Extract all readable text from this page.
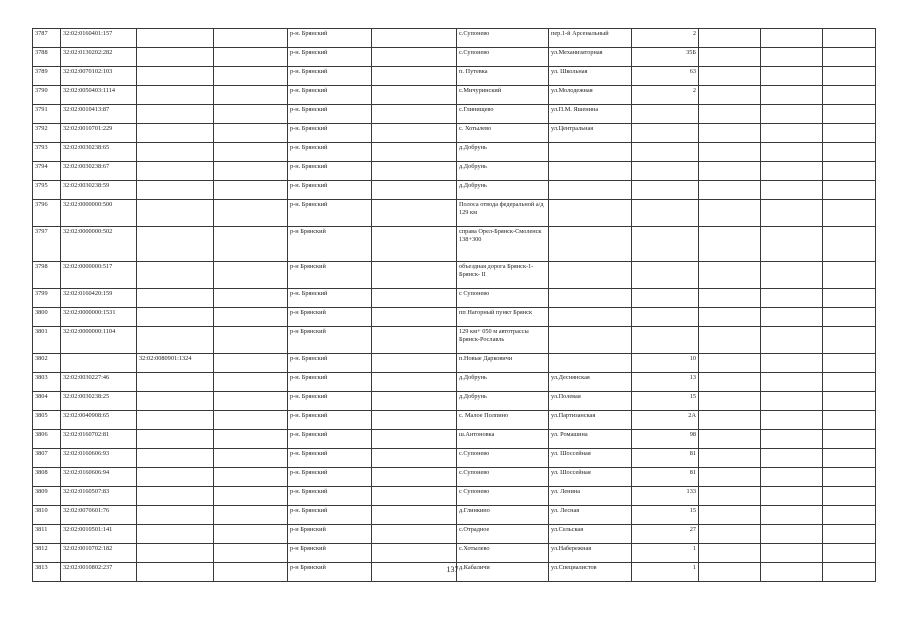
3787	32:02:0160401:157			р-н. Брянский		с.Супонево	пер.1-й Арсенальный	2			
3788	32:02:0130202:282			р-н. Брянский		с.Супонево	ул.Механизаторная	35Б			
3789	32:02:0070102:103			р-н. Брянский		п. Путевка	ул. Школьная	63			
3790	32:02:0050403:1114			р-н. Брянский		с.Мичуринский	ул.Молодежная	2			
3791	32:02:0010413:87			р-н. Брянский		с.Глинищево	ул.П.М. Яшенина				
3792	32:02:0010701:229			р-н. Брянский		с. Хотылево	ул.Центральная				
3793	32:02:0030238:65			р-н. Брянский		д.Добрунь					
3794	32:02:0030238:67			р-н. Брянский		д.Добрунь					
3795	32:02:0030238:59			р-н. Брянский		д.Добрунь					
3796	32:02:0000000:500			р-н. Брянский		Полоса отвода федеральной а/д 129 км					
3797	32:02:0000000:502			р-н Брянский		справа Орел-Брянск-Смоленск 138+300					
3798	32:02:0000000:517			р-н Брянский		объездная дорога Брянск-1- Брянск- II					
3799	32:02:0160420:159			р-н. Брянский		с Супонево					
3800	32:02:0000000:1531			р-н Брянский		пп Нагорный пункт Брянск					
3801	32:02:0000000:1104			р-н Брянский		129 км+ 050 м автотрассы Брянск-Рославль					
3802		32:02:0080901:1324		р-н. Брянский		п.Новые Дарковичи		10			
3803	32:02:0030227:46			р-н. Брянский		д.Добрунь	ул.Деснянская	13			
3804	32:02:0030238:25			р-н. Брянский		д.Добрунь	ул.Полевая	15			
3805	32:02:0040908:65			р-н. Брянский		с. Малое Полпино	ул.Партизанская	2А			
3806	32:02:0160702:81			р-н. Брянский		ш.Антоновка	ул. Ромашина	98			
3807	32:02:0160606:93			р-н. Брянский		с.Супонево	ул. Шоссейная	81			
3808	32:02:0160606:94			р-н. Брянский		с.Супонево	ул. Шоссейная	81			
3809	32:02:0160507:83			р-н. Брянский		с Супонево	ул. Ленина	133			
3810	32:02:0070601:76			р-н. Брянский		д.Глинкино	ул. Лесная	15			
3811	32:02:0010501:141			р-н Брянский		с.Отрадное	ул.Сельская	27			
3812	32:02:0010702:182			р-н Брянский		с.Хотылево	ул.Набережная	1			
3813	32:02:0010802:237			р-н Брянский		д.Кабаличи	ул.Специалистов	1			
137
